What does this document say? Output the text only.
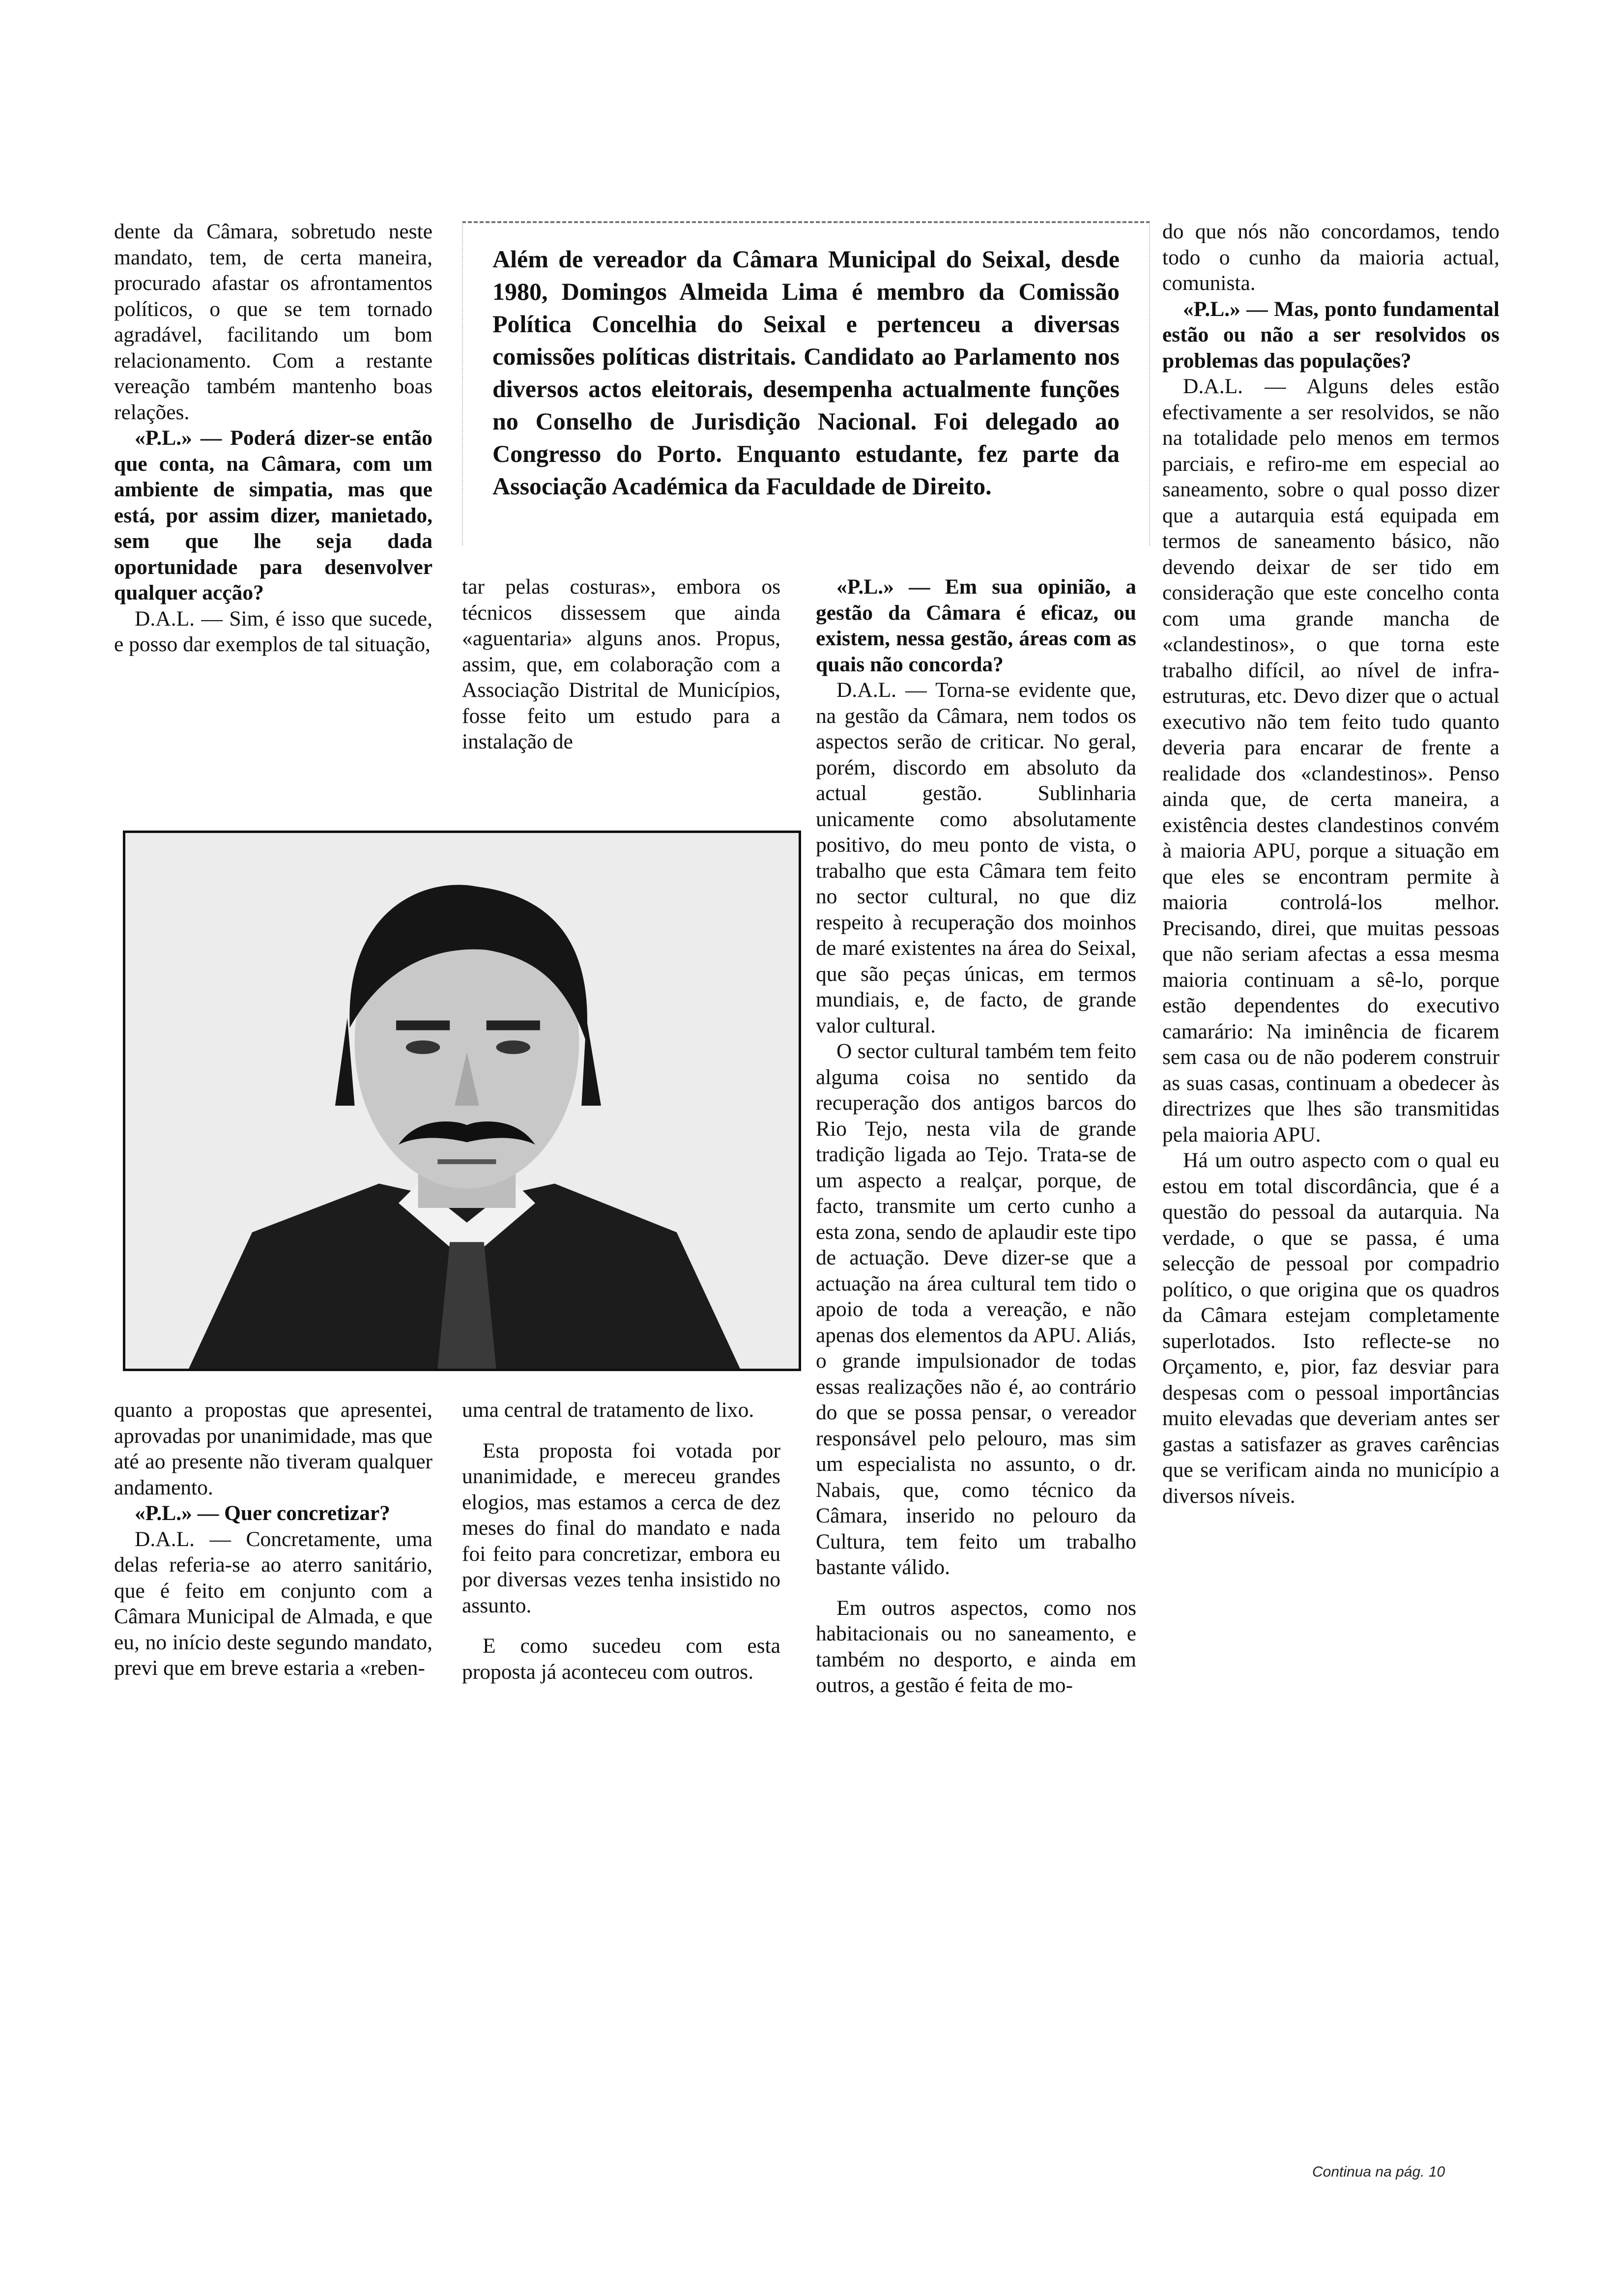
Além de vereador da Câmara Municipal do Seixal, desde 1980, Domingos Almeida Lima é membro da Comissão Política Concelhia do Seixal e pertenceu a diversas comissões políticas distritais. Candidato ao Parlamento nos diversos actos eleitorais, desempenha actualmente funções no Conselho de Jurisdição Nacional. Foi delegado ao Congresso do Porto. Enquanto estudante, fez parte da Associação Académica da Faculdade de Direito.

dente da Câmara, sobretudo neste mandato, tem, de certa maneira, procurado afastar os afrontamentos políticos, o que se tem tornado agradável, facilitando um bom relacionamento. Com a restante vereação também mantenho boas relações.

«P.L.» — Poderá dizer-se então que conta, na Câmara, com um ambiente de simpatia, mas que está, por assim dizer, manietado, sem que lhe seja dada oportunidade para desenvolver qualquer acção?

D.A.L. — Sim, é isso que sucede, e posso dar exemplos de tal situação,

tar pelas costuras», embora os técnicos dissessem que ainda «aguentaria» alguns anos. Propus, assim, que, em colaboração com a Associação Distrital de Municípios, fosse feito um estudo para a instalação de

quanto a propostas que apresentei, aprovadas por unanimidade, mas que até ao presente não tiveram qualquer andamento.

«P.L.» — Quer concretizar?

D.A.L. — Concretamente, uma delas referia-se ao aterro sanitário, que é feito em conjunto com a Câmara Municipal de Almada, e que eu, no início deste segundo mandato, previ que em breve estaria a «reben-

uma central de tratamento de lixo.

Esta proposta foi votada por unanimidade, e mereceu grandes elogios, mas estamos a cerca de dez meses do final do mandato e nada foi feito para concretizar, embora eu por diversas vezes tenha insistido no assunto.

E como sucedeu com esta proposta já aconteceu com outros.

«P.L.» — Em sua opinião, a gestão da Câmara é eficaz, ou existem, nessa gestão, áreas com as quais não concorda?

D.A.L. — Torna-se evidente que, na gestão da Câmara, nem todos os aspectos serão de criticar. No geral, porém, discordo em absoluto da actual gestão. Sublinharia unicamente como absolutamente positivo, do meu ponto de vista, o trabalho que esta Câmara tem feito no sector cultural, no que diz respeito à recuperação dos moinhos de maré existentes na área do Seixal, que são peças únicas, em termos mundiais, e, de facto, de grande valor cultural.

O sector cultural também tem feito alguma coisa no sentido da recuperação dos antigos barcos do Rio Tejo, nesta vila de grande tradição ligada ao Tejo. Trata-se de um aspecto a realçar, porque, de facto, transmite um certo cunho a esta zona, sendo de aplaudir este tipo de actuação. Deve dizer-se que a actuação na área cultural tem tido o apoio de toda a vereação, e não apenas dos elementos da APU. Aliás, o grande impulsionador de todas essas realizações não é, ao contrário do que se possa pensar, o vereador responsável pelo pelouro, mas sim um especialista no assunto, o dr. Nabais, que, como técnico da Câmara, inserido no pelouro da Cultura, tem feito um trabalho bastante válido.

Em outros aspectos, como nos habitacionais ou no saneamento, e também no desporto, e ainda em outros, a gestão é feita de mo-

do que nós não concordamos, tendo todo o cunho da maioria actual, comunista.

«P.L.» — Mas, ponto fundamental estão ou não a ser resolvidos os problemas das populações?

D.A.L. — Alguns deles estão efectivamente a ser resolvidos, se não na totalidade pelo menos em termos parciais, e refiro-me em especial ao saneamento, sobre o qual posso dizer que a autarquia está equipada em termos de saneamento básico, não devendo deixar de ser tido em consideração que este concelho conta com uma grande mancha de «clandestinos», o que torna este trabalho difícil, ao nível de infra-estruturas, etc. Devo dizer que o actual executivo não tem feito tudo quanto deveria para encarar de frente a realidade dos «clandestinos». Penso ainda que, de certa maneira, a existência destes clandestinos convém à maioria APU, porque a situação em que eles se encontram permite à maioria controlá-los melhor. Precisando, direi, que muitas pessoas que não seriam afectas a essa mesma maioria continuam a sê-lo, porque estão dependentes do executivo camarário: Na iminência de ficarem sem casa ou de não poderem construir as suas casas, continuam a obedecer às directrizes que lhes são transmitidas pela maioria APU.

Há um outro aspecto com o qual eu estou em total discordância, que é a questão do pessoal da autarquia. Na verdade, o que se passa, é uma selecção de pessoal por compadrio político, o que origina que os quadros da Câmara estejam completamente superlotados. Isto reflecte-se no Orçamento, e, pior, faz desviar para despesas com o pessoal importâncias muito elevadas que deveriam antes ser gastas a satisfazer as graves carências que se verificam ainda no município a diversos níveis.

Continua na pág. 10
